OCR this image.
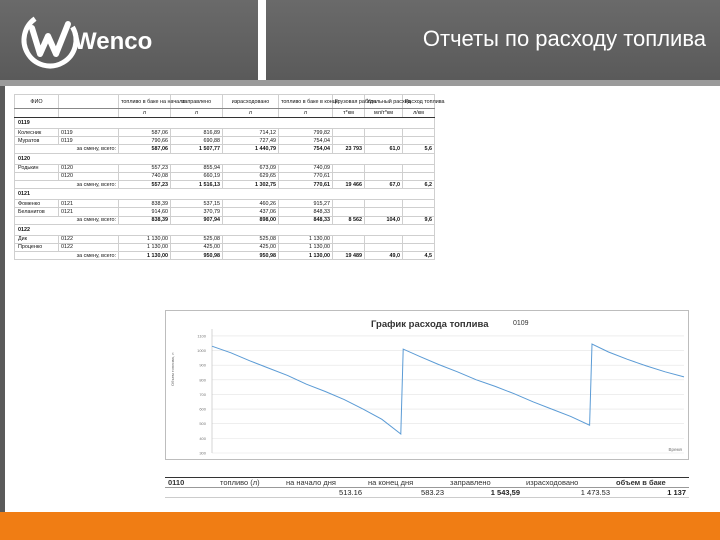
Wenco	Отчеты по расходу топлива
ФИО		топливо в баке на начало	заправлено	израсходовано	топливо в баке в конце	Грузовая работа	Удельный расход	Расход топлива
		л	л	л	л	т*км	мл/т*км	л/км
0119								
Колесник	0119	587,06	816,89	714,12	799,82			
Муратов	0119	790,66	690,88	727,49	754,04			
за смену, всего:		587,06	1 507,77	1 440,79	754,04	23 793	61,0	5,6
0120								
Родькин	0120	557,23	855,94	673,09	740,09			
	0120	740,08	660,19	629,65	770,61			
за смену, всего:		557,23	1 516,13	1 302,75	770,61	19 466	67,0	6,2
0121								
Фоменко	0121	838,39	537,15	460,26	915,27			
Беланитов	0121	914,60	370,79	437,06	848,33			
за смену, всего:		838,39	907,94	898,00	848,33	8 562	104,0	9,6
0122								
Дик	0122	1 130,00	525,08	525,08	1 130,00			
Проценко	0122	1 130,00	425,00	425,00	1 130,00			
за смену, всего:		1 130,00	950,98	950,98	1 130,00	19 489	49,0	4,5
График расхода топлива	0109
Объем топлива, л
300
400
500
600
700
800
900
1000
1100
Время
0110	топливо (л)	на начало дня	на конец дня	заправлено	израсходовано	объем в баке
		513.16	583.23	1 543,59	1 473.53	1 137
